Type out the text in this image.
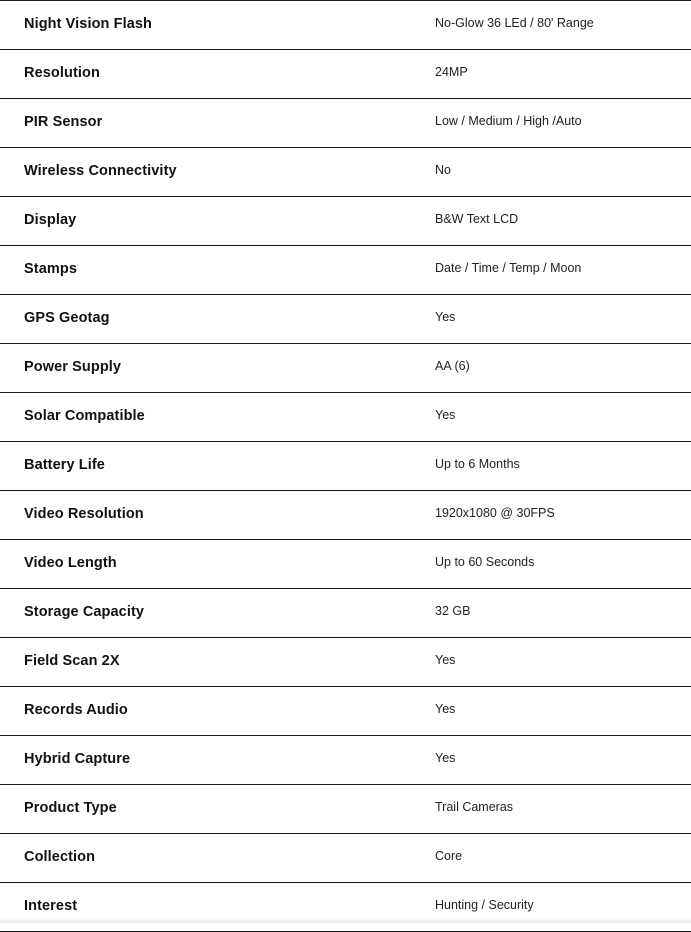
Night Vision Flash	No-Glow 36 LEd / 80' Range
Resolution	24MP
PIR Sensor	Low / Medium / High /Auto
Wireless Connectivity	No
Display	B&W Text LCD
Stamps	Date / Time / Temp / Moon
GPS Geotag	Yes
Power Supply	AA (6)
Solar Compatible	Yes
Battery Life	Up to 6 Months
Video Resolution	1920x1080 @ 30FPS
Video Length	Up to 60 Seconds
Storage Capacity	32 GB
Field Scan 2X	Yes
Records Audio	Yes
Hybrid Capture	Yes
Product Type	Trail Cameras
Collection	Core
Interest	Hunting / Security
